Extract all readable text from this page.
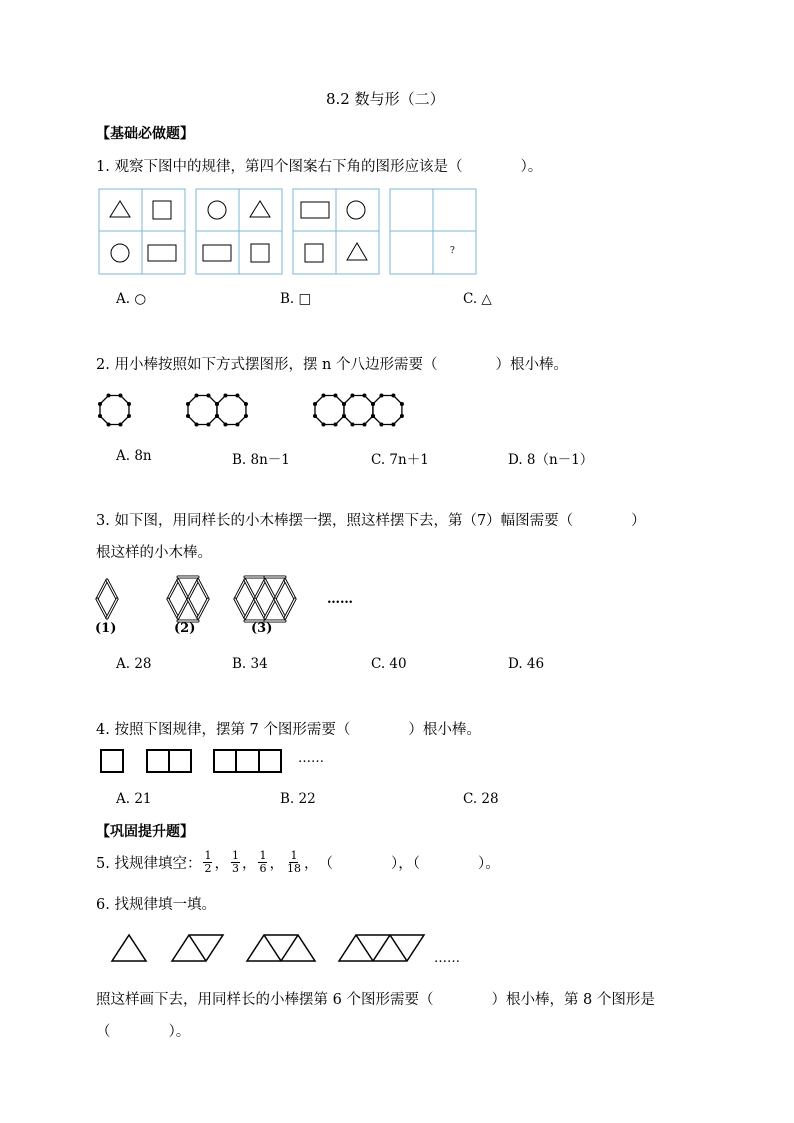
8.2 数与形（二）
【基础必做题】
1. 观察下图中的规律，第四个图案右下角的图形应该是（　　　　）。
?
A. ○	B. □	C. △
2. 用小棒按照如下方式摆图形，摆 n 个八边形需要（　　　　）根小棒。
A. 8n	B. 8n－1	C. 7n＋1	D. 8（n－1）
3. 如下图，用同样长的小木棒摆一摆，照这样摆下去，第（7）幅图需要（　　　　）
根这样的小木棒。
(1)	(2)	(3)
……
A. 28	B. 34	C. 40	D. 46
4. 按照下图规律，摆第 7 个图形需要（　　　　）根小棒。
……
A. 21	B. 22	C. 28
【巩固提升题】
5. 找规律填空： $\frac{1}{2}$ ， $\frac{1}{3}$ ， $\frac{1}{6}$ ， $\frac{1}{18}$ ， （　　　　），（　　　　）。
6. 找规律填一填。
……
照这样画下去，用同样长的小棒摆第 6 个图形需要（　　　　）根小棒，第 8 个图形是
（　　　　）。
